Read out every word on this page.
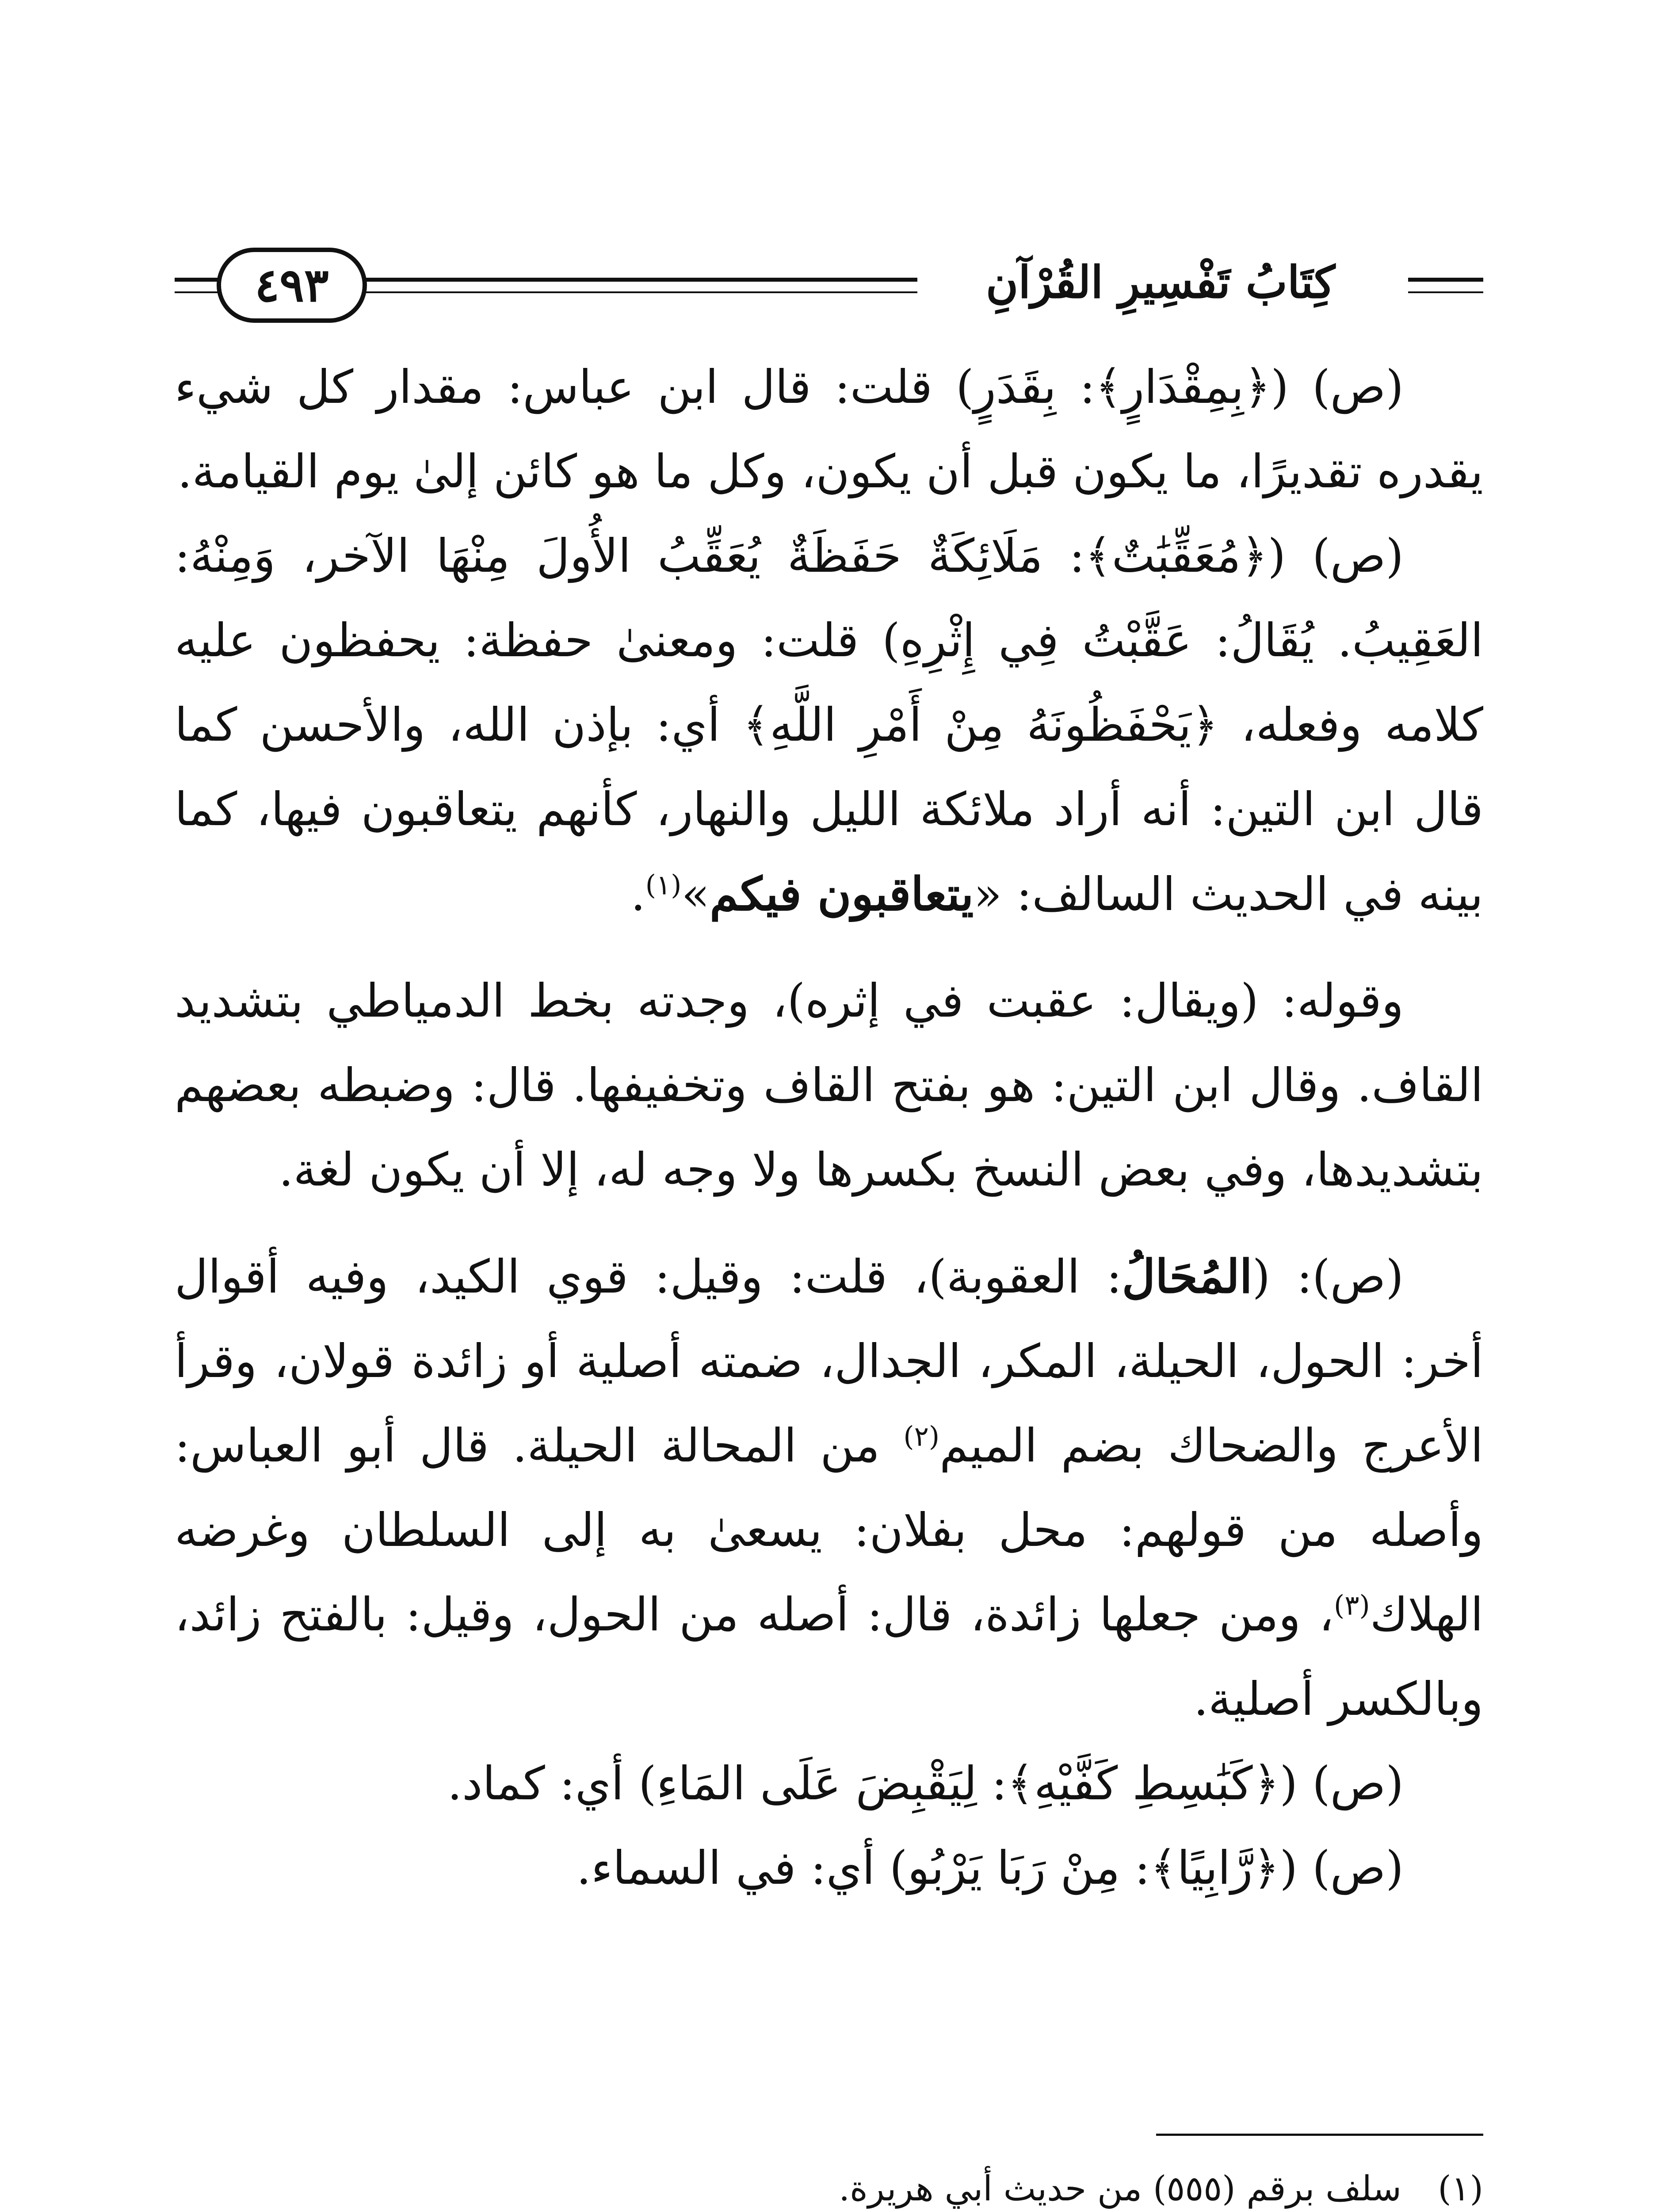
٤٩٣	كِتَابُ تَفْسِيرِ القُرْآنِ

(ص) (﴿بِمِقْدَارٍ﴾: بِقَدَرٍ) قلت: قال ابن عباس: مقدار كل شيء يقدره تقديرًا، ما يكون قبل أن يكون، وكل ما هو كائن إلىٰ يوم القيامة.

(ص) (﴿مُعَقِّبَٰتٌ﴾: مَلَائِكَةٌ حَفَظَةٌ يُعَقِّبُ الأُولَ مِنْهَا الآخر، وَمِنْهُ: العَقِيبُ. يُقَالُ: عَقَّبْتُ فِي إِثْرِهِ) قلت: ومعنىٰ حفظة: يحفظون عليه كلامه وفعله، ﴿يَحْفَظُونَهُ مِنْ أَمْرِ اللَّهِ﴾ أي: بإذن الله، والأحسن كما قال ابن التين: أنه أراد ملائكة الليل والنهار، كأنهم يتعاقبون فيها، كما بينه في الحديث السالف: «يتعاقبون فيكم»$^{(١)}$.

وقوله: (ويقال: عقبت في إثره)، وجدته بخط الدمياطي بتشديد القاف. وقال ابن التين: هو بفتح القاف وتخفيفها. قال: وضبطه بعضهم بتشديدها، وفي بعض النسخ بكسرها ولا وجه له، إلا أن يكون لغة.

(ص): (المُحَالُ: العقوبة)، قلت: وقيل: قوي الكيد، وفيه أقوال أخر: الحول، الحيلة، المكر، الجدال، ضمته أصلية أو زائدة قولان، وقرأ الأعرج والضحاك بضم الميم$^{(٢)}$ من المحالة الحيلة. قال أبو العباس: وأصله من قولهم: محل بفلان: يسعىٰ به إلى السلطان وغرضه الهلاك$^{(٣)}$، ومن جعلها زائدة، قال: أصله من الحول، وقيل: بالفتح زائد، وبالكسر أصلية.

(ص) (﴿كَبَٰسِطِ كَفَّيْهِ﴾: لِيَقْبِضَ عَلَى المَاءِ) أي: كماد.

(ص) (﴿رَّابِيًا﴾: مِنْ رَبَا يَرْبُو) أي: في السماء.

(١)
سلف برقم (٥٥٥) من حديث أبي هريرة.
